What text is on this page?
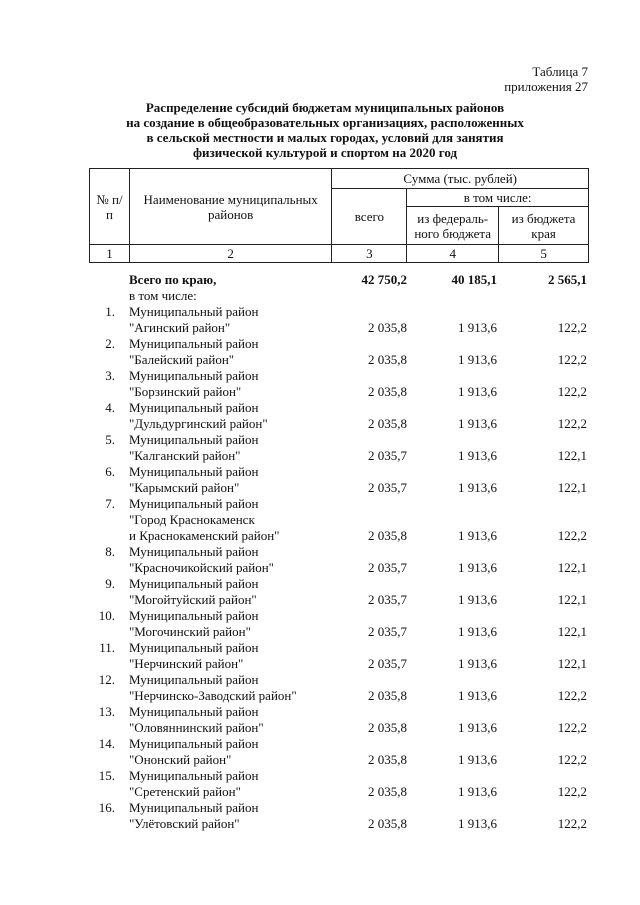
Таблица 7
приложения 27
Распределение субсидий бюджетам муниципальных районов
на создание в общеобразовательных организациях, расположенных
в сельской местности и малых городах, условий для занятия
физической культурой и спортом на 2020 год
№ п/п	Наименование муниципальных районов	Сумма (тыс. рублей)		
		всего	в том числе:	
			из федераль-ного бюджета	из бюджета края
1	2	3	4	5
Всего по краю,	42 750,2	40 185,1	2 565,1
в том числе:
1. Муниципальный район
"Агинский район"	2 035,8	1 913,6	122,2
2. Муниципальный район
"Балейский район"	2 035,8	1 913,6	122,2
3. Муниципальный район
"Борзинский район"	2 035,8	1 913,6	122,2
4. Муниципальный район
"Дульдургинский район"	2 035,8	1 913,6	122,2
5. Муниципальный район
"Калганский район"	2 035,7	1 913,6	122,1
6. Муниципальный район
"Карымский район"	2 035,7	1 913,6	122,1
7. Муниципальный район
"Город Краснокаменск
и Краснокаменский район"	2 035,8	1 913,6	122,2
8. Муниципальный район
"Красночикойский район"	2 035,7	1 913,6	122,1
9. Муниципальный район
"Могойтуйский район"	2 035,7	1 913,6	122,1
10. Муниципальный район
"Могочинский район"	2 035,7	1 913,6	122,1
11. Муниципальный район
"Нерчинский район"	2 035,7	1 913,6	122,1
12. Муниципальный район
"Нерчинско-Заводский район"	2 035,8	1 913,6	122,2
13. Муниципальный район
"Оловяннинский район"	2 035,8	1 913,6	122,2
14. Муниципальный район
"Ононский район"	2 035,8	1 913,6	122,2
15. Муниципальный район
"Сретенский район"	2 035,8	1 913,6	122,2
16. Муниципальный район
"Улётовский район"	2 035,8	1 913,6	122,2
